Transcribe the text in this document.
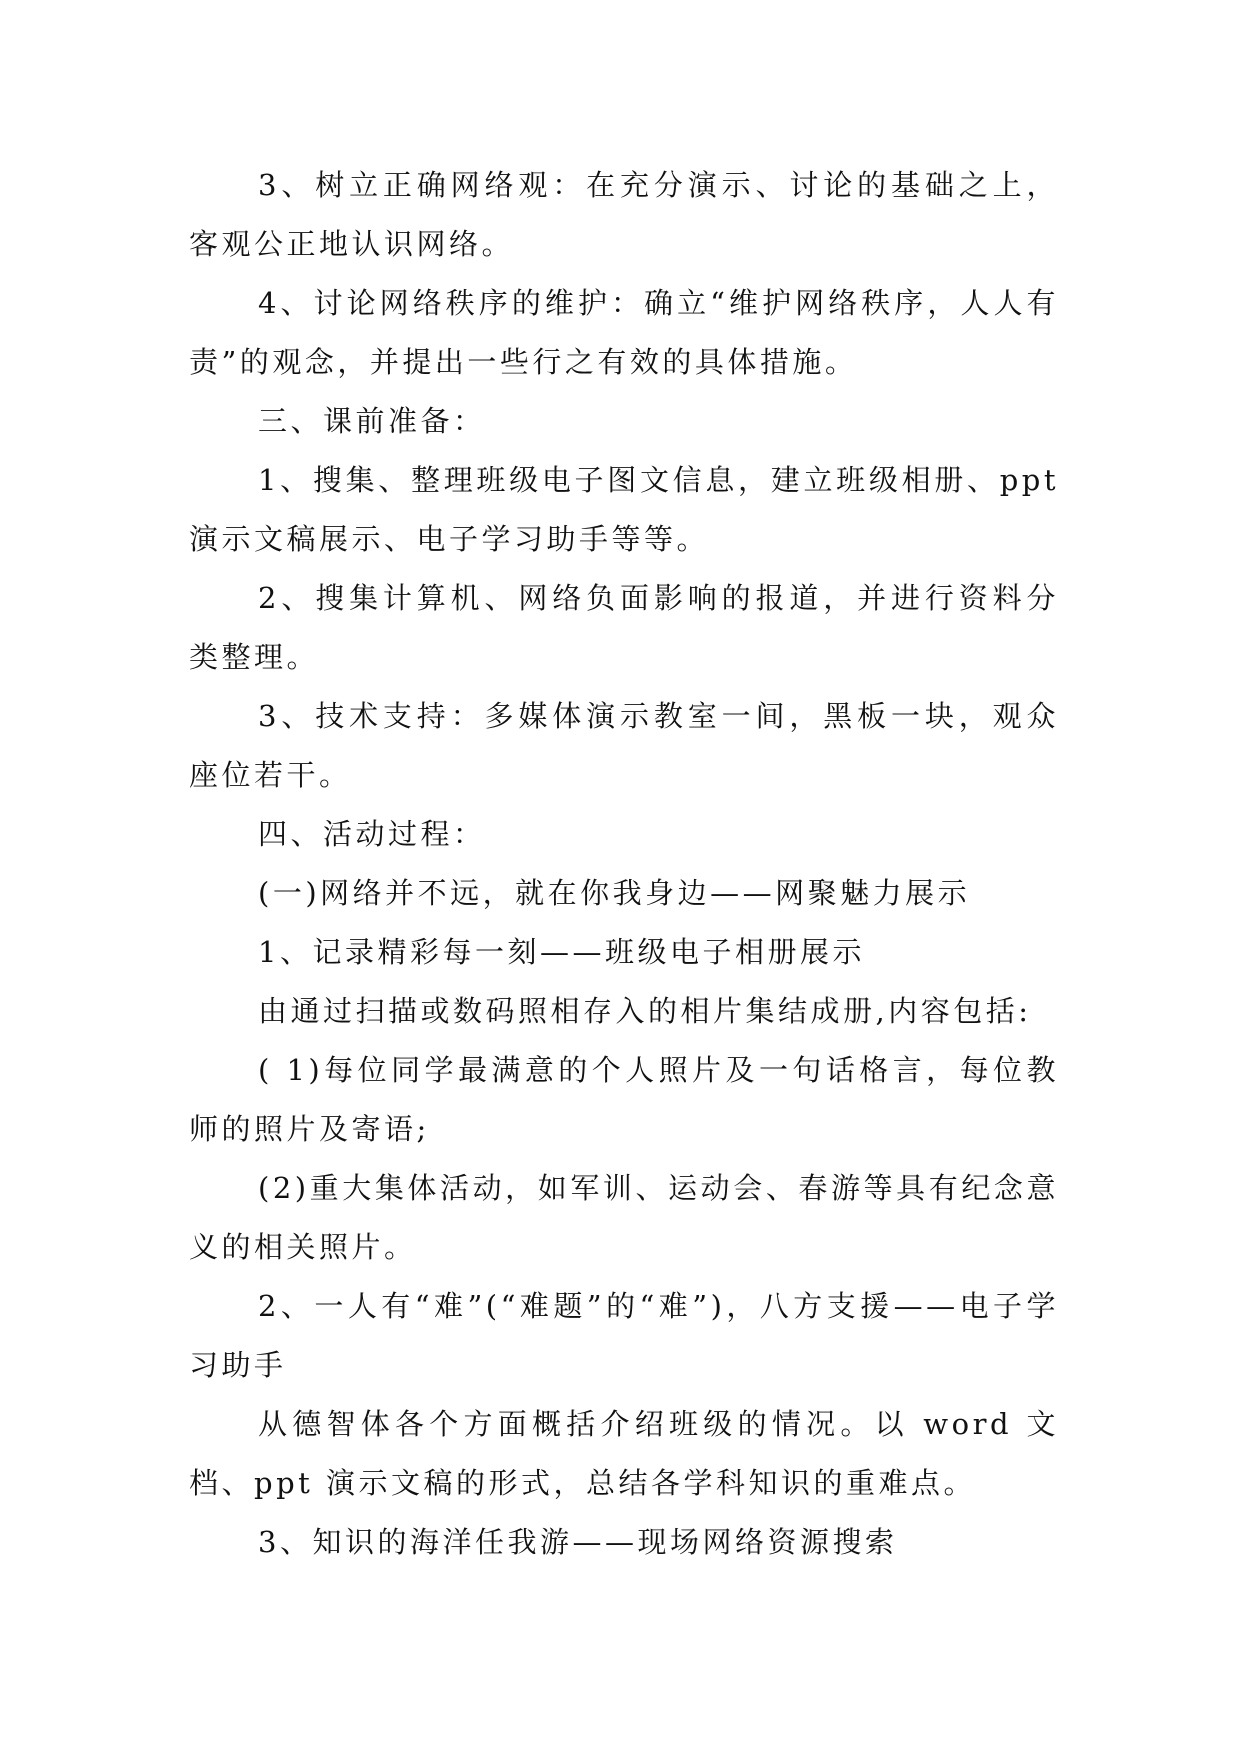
3、树立正确网络观：在充分演示、讨论的基础之上，客观公正地认识网络。

4、讨论网络秩序的维护：确立“维护网络秩序，人人有责”的观念，并提出一些行之有效的具体措施。

三、课前准备：

1、搜集、整理班级电子图文信息，建立班级相册、ppt演示文稿展示、电子学习助手等等。

2、搜集计算机、网络负面影响的报道，并进行资料分类整理。

3、技术支持：多媒体演示教室一间，黑板一块，观众座位若干。

四、活动过程：

(一)网络并不远，就在你我身边——网聚魅力展示

1、记录精彩每一刻——班级电子相册展示

由通过扫描或数码照相存入的相片集结成册,内容包括:

( 1)每位同学最满意的个人照片及一句话格言，每位教师的照片及寄语;

(2)重大集体活动，如军训、运动会、春游等具有纪念意义的相关照片。

2、一人有“难”(“难题”的“难”)，八方支援——电子学习助手

从德智体各个方面概括介绍班级的情况。以 word 文档、ppt 演示文稿的形式，总结各学科知识的重难点。

3、知识的海洋任我游——现场网络资源搜索
